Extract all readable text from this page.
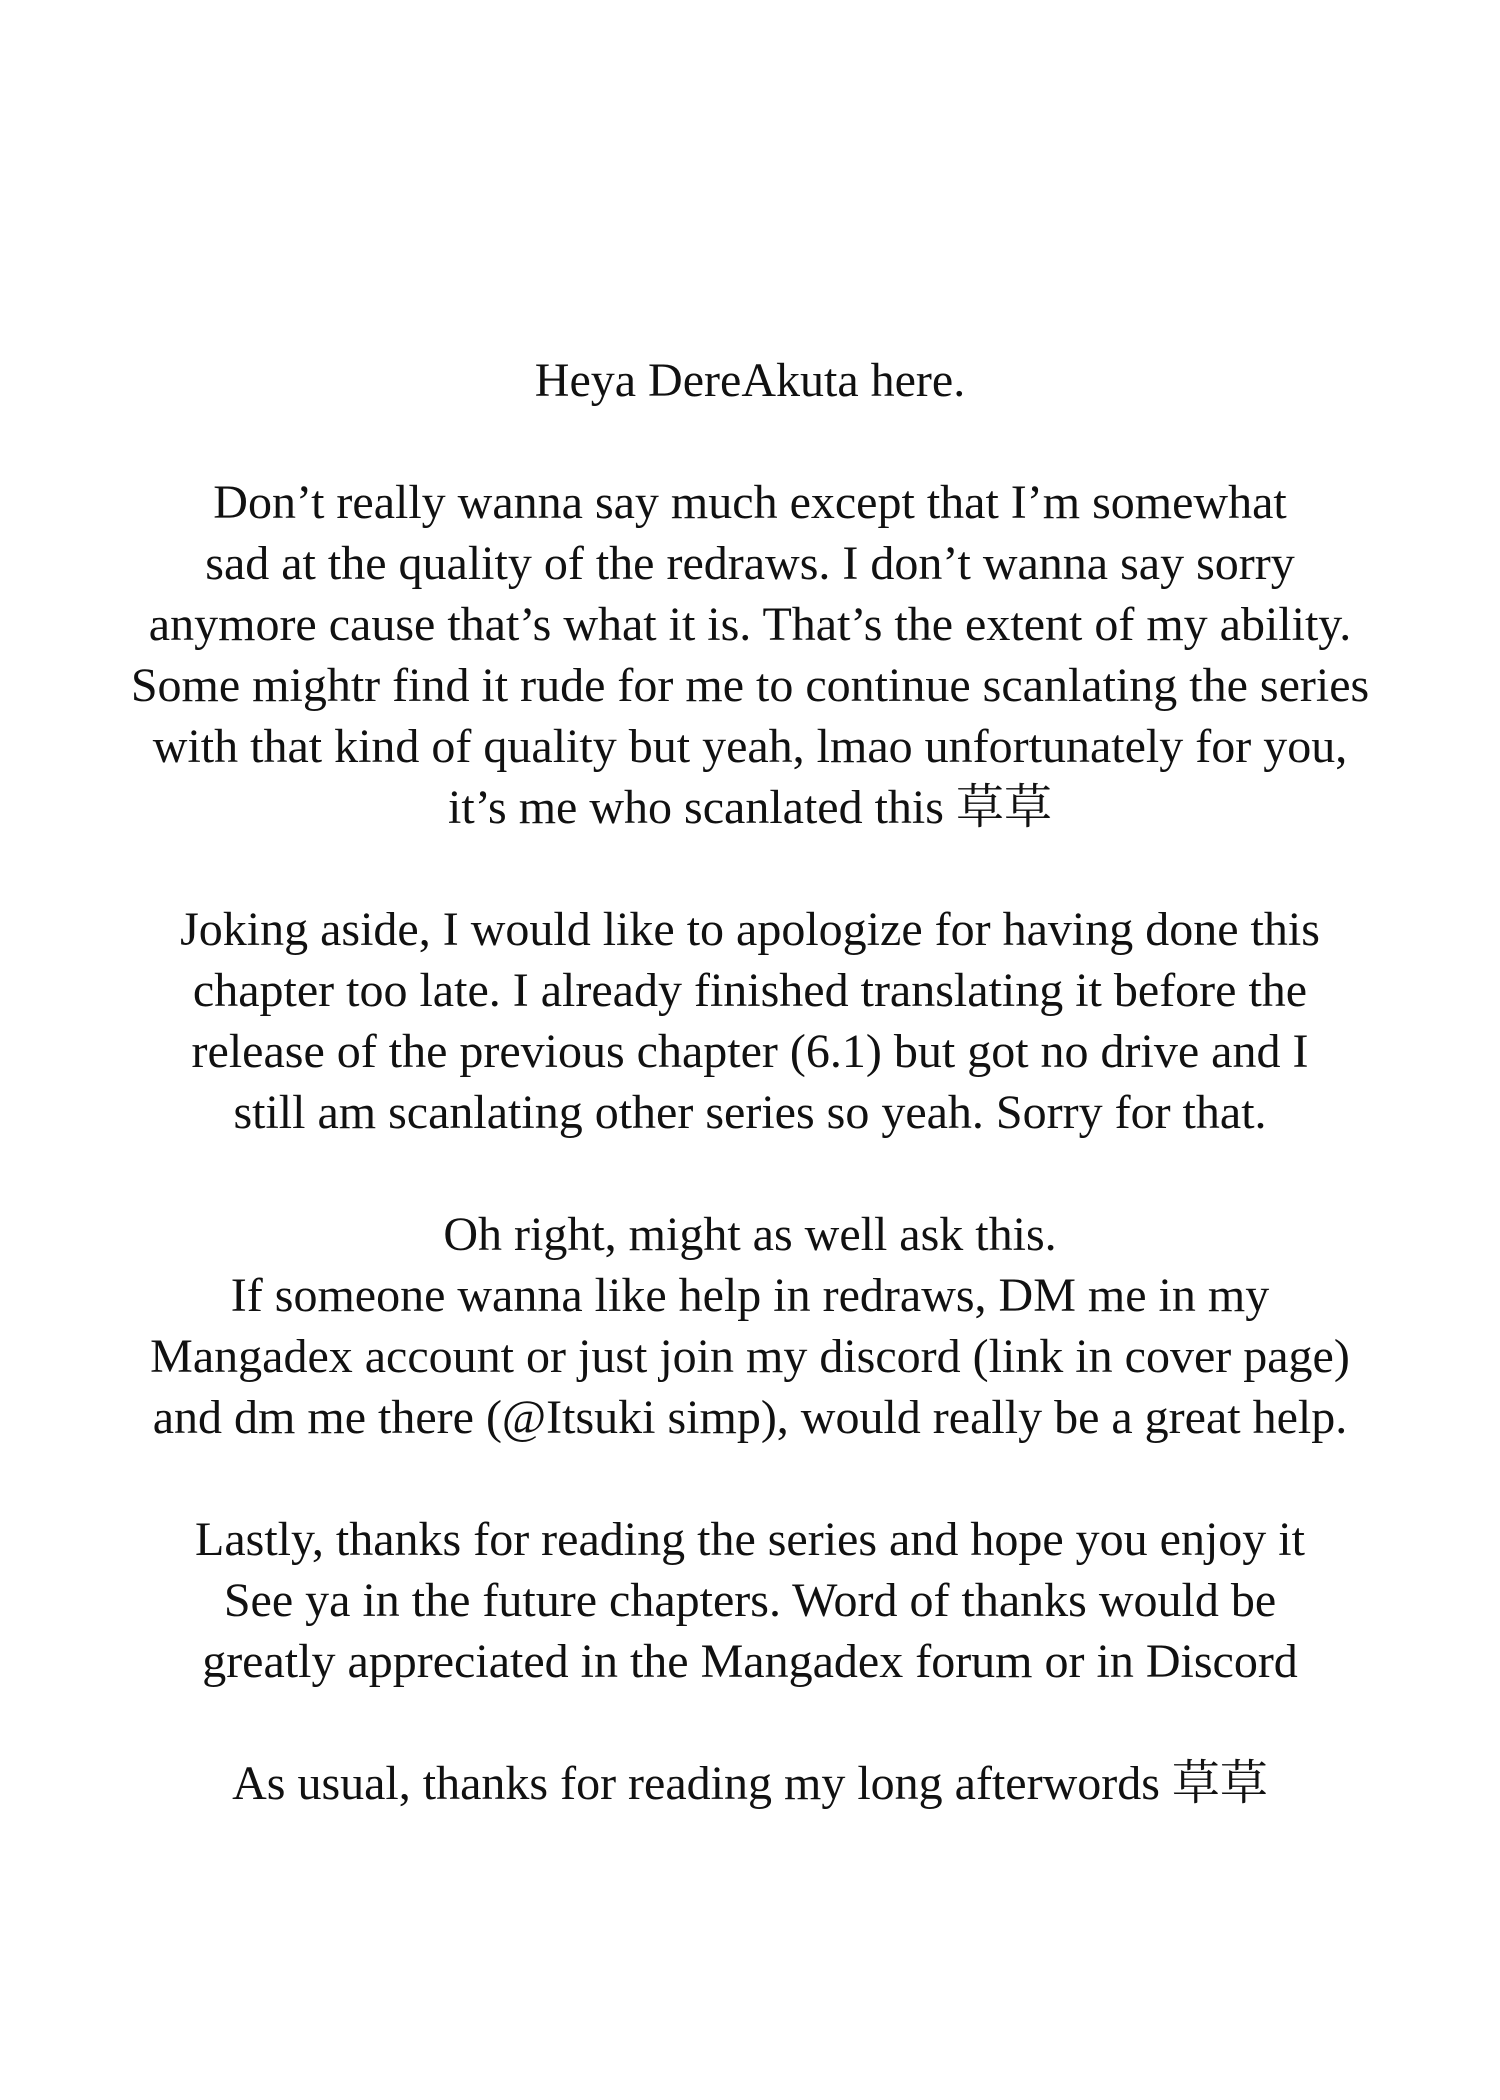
Heya DereAkuta here.

Don’t really wanna say much except that I’m somewhat
sad at the quality of the redraws. I don’t wanna say sorry
anymore cause that’s what it is. That’s the extent of my ability.
Some mightr find it rude for me to continue scanlating the series
with that kind of quality but yeah, lmao unfortunately for you,
it’s me who scanlated this 草草

Joking aside, I would like to apologize for having done this
chapter too late. I already finished translating it before the
release of the previous chapter (6.1) but got no drive and I
still am scanlating other series so yeah. Sorry for that.

Oh right, might as well ask this.
If someone wanna like help in redraws, DM me in my
Mangadex account or just join my discord (link in cover page)
and dm me there (@Itsuki simp), would really be a great help.

Lastly, thanks for reading the series and hope you enjoy it
See ya in the future chapters. Word of thanks would be
greatly appreciated in the Mangadex forum or in Discord

As usual, thanks for reading my long afterwords 草草
